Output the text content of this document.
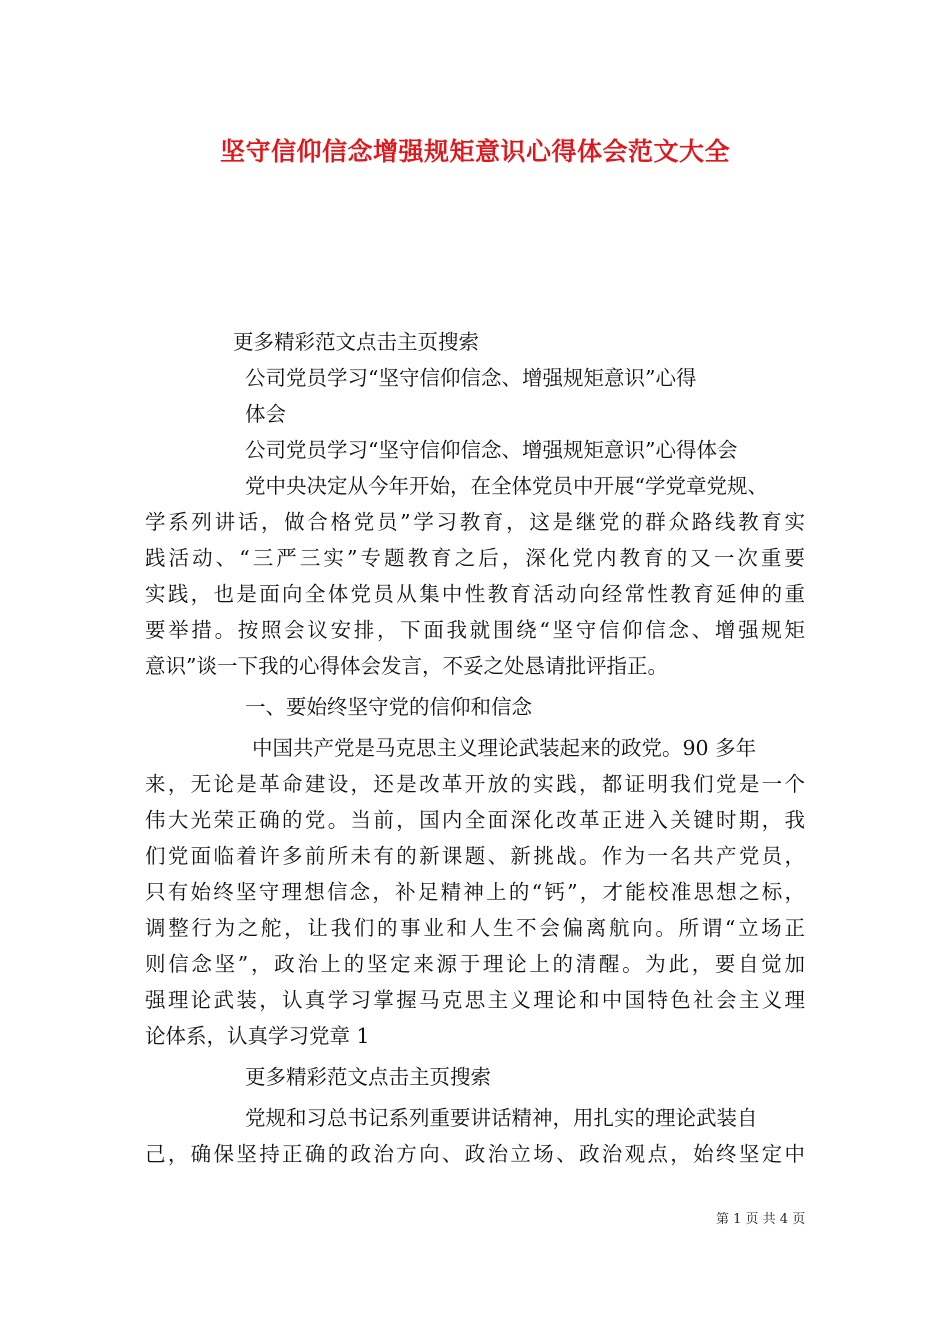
坚守信仰信念增强规矩意识心得体会范文大全
更多精彩范文点击主页搜索
公司党员学习“坚守信仰信念、增强规矩意识”心得
体会
公司党员学习“坚守信仰信念、增强规矩意识”心得体会
党中央决定从今年开始，在全体党员中开展“学党章党规、
学系列讲话，做合格党员”学习教育，这是继党的群众路线教育实
践活动、“三严三实”专题教育之后，深化党内教育的又一次重要
实践，也是面向全体党员从集中性教育活动向经常性教育延伸的重
要举措。按照会议安排，下面我就围绕“坚守信仰信念、增强规矩
意识”谈一下我的心得体会发言，不妥之处恳请批评指正。
一、要始终坚守党的信仰和信念
中国共产党是马克思主义理论武装起来的政党。90 多年
来，无论是革命建设，还是改革开放的实践，都证明我们党是一个
伟大光荣正确的党。当前，国内全面深化改革正进入关键时期，我
们党面临着许多前所未有的新课题、新挑战。作为一名共产党员，
只有始终坚守理想信念，补足精神上的“钙”，才能校准思想之标，
调整行为之舵，让我们的事业和人生不会偏离航向。所谓“立场正
则信念坚”，政治上的坚定来源于理论上的清醒。为此，要自觉加
强理论武装，认真学习掌握马克思主义理论和中国特色社会主义理
论体系，认真学习党章 1
更多精彩范文点击主页搜索
党规和习总书记系列重要讲话精神，用扎实的理论武装自
己，确保坚持正确的政治方向、政治立场、政治观点，始终坚定中
第 1 页 共 4 页
